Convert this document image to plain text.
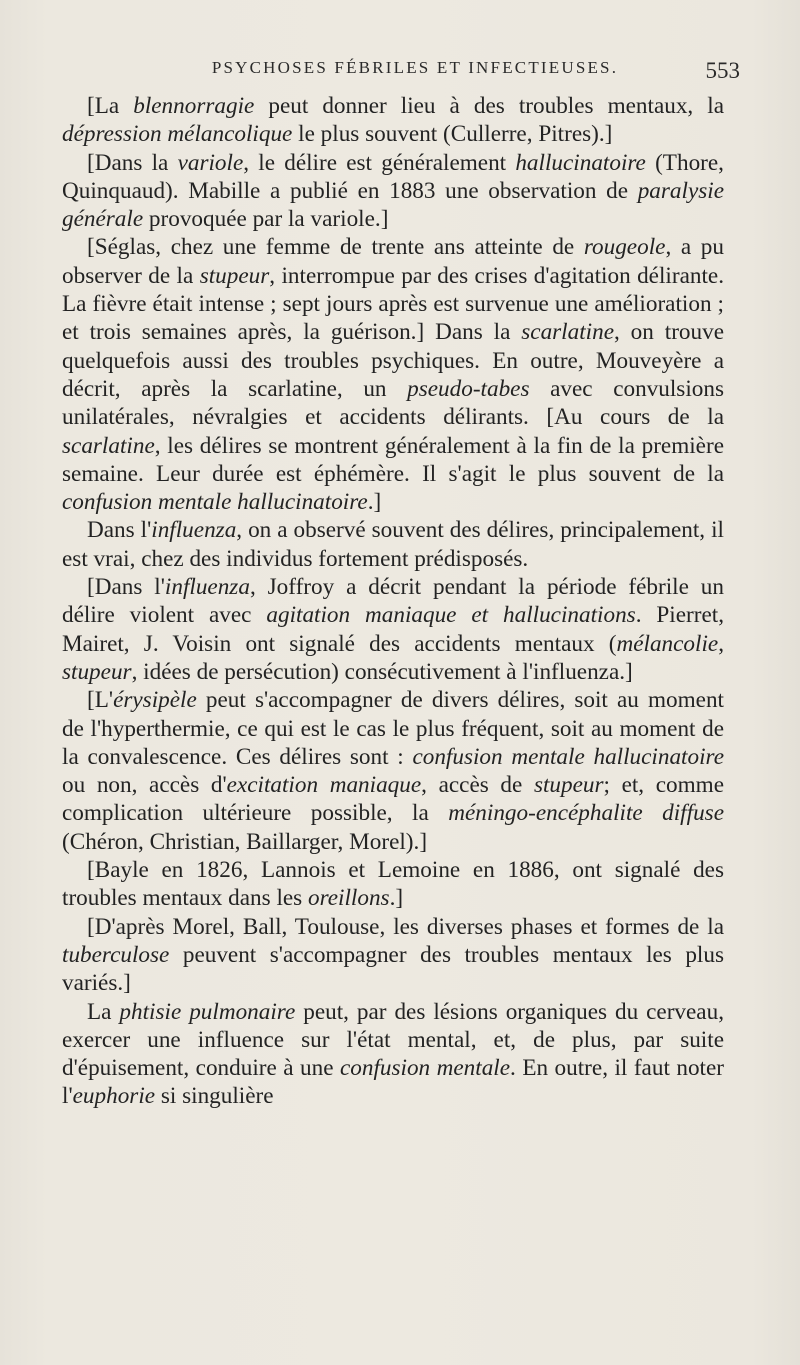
PSYCHOSES FÉBRILES ET INFECTIEUSES.	553

[La blennorragie peut donner lieu à des troubles mentaux, la dépression mélancolique le plus souvent (Cullerre, Pitres).]

[Dans la variole, le délire est généralement hallucinatoire (Thore, Quinquaud). Mabille a publié en 1883 une observation de paralysie générale provoquée par la variole.]

[Séglas, chez une femme de trente ans atteinte de rougeole, a pu observer de la stupeur, interrompue par des crises d'agitation délirante. La fièvre était intense ; sept jours après est survenue une amélioration ; et trois semaines après, la guérison.] Dans la scarlatine, on trouve quelquefois aussi des troubles psychiques. En outre, Mouveyère a décrit, après la scarlatine, un pseudo-tabes avec convulsions unilatérales, névralgies et accidents délirants. [Au cours de la scarlatine, les délires se montrent généralement à la fin de la première semaine. Leur durée est éphémère. Il s'agit le plus souvent de la confusion mentale hallucinatoire.]

Dans l'influenza, on a observé souvent des délires, principalement, il est vrai, chez des individus fortement prédisposés.

[Dans l'influenza, Joffroy a décrit pendant la période fébrile un délire violent avec agitation maniaque et hallucinations. Pierret, Mairet, J. Voisin ont signalé des accidents mentaux (mélancolie, stupeur, idées de persécution) consécutivement à l'influenza.]

[L'érysipèle peut s'accompagner de divers délires, soit au moment de l'hyperthermie, ce qui est le cas le plus fréquent, soit au moment de la convalescence. Ces délires sont : confusion mentale hallucinatoire ou non, accès d'excitation maniaque, accès de stupeur; et, comme complication ultérieure possible, la méningo-encéphalite diffuse (Chéron, Christian, Baillarger, Morel).]

[Bayle en 1826, Lannois et Lemoine en 1886, ont signalé des troubles mentaux dans les oreillons.]

[D'après Morel, Ball, Toulouse, les diverses phases et formes de la tuberculose peuvent s'accompagner des troubles mentaux les plus variés.]

La phtisie pulmonaire peut, par des lésions organiques du cerveau, exercer une influence sur l'état mental, et, de plus, par suite d'épuisement, conduire à une confusion mentale. En outre, il faut noter l'euphorie si singulière
